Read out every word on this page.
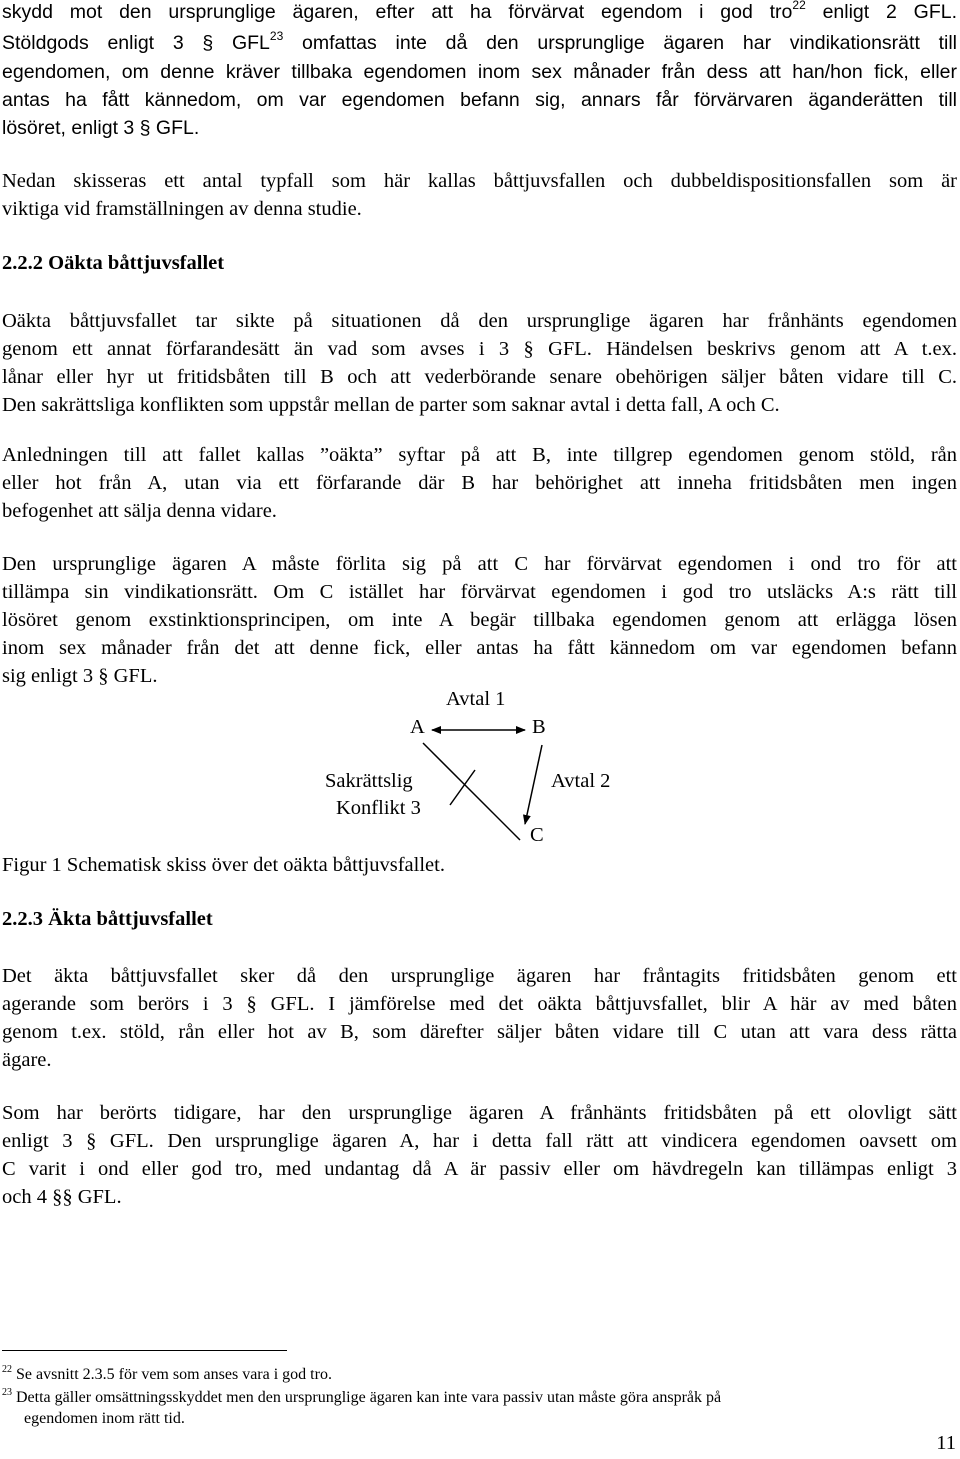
skydd mot den ursprunglige ägaren, efter att ha förvärvat egendom i god tro$^{22}$ enligt 2 GFL.
Stöldgods enligt 3 § GFL$^{23}$ omfattas inte då den ursprunglige ägaren har vindikationsrätt till
egendomen, om denne kräver tillbaka egendomen inom sex månader från dess att han/hon fick, eller
antas ha fått kännedom, om var egendomen befann sig, annars får förvärvaren äganderätten till
lösöret, enligt 3 § GFL.
Nedan skisseras ett antal typfall som här kallas båttjuvsfallen och dubbeldispositionsfallen som är
viktiga vid framställningen av denna studie.
2.2.2 Oäkta båttjuvsfallet
Oäkta båttjuvsfallet tar sikte på situationen då den ursprunglige ägaren har frånhänts egendomen
genom ett annat förfarandesätt än vad som avses i 3 § GFL. Händelsen beskrivs genom att A t.ex.
lånar eller hyr ut fritidsbåten till B och att vederbörande senare obehörigen säljer båten vidare till C.
Den sakrättsliga konflikten som uppstår mellan de parter som saknar avtal i detta fall, A och C.
Anledningen till att fallet kallas ”oäkta” syftar på att B, inte tillgrep egendomen genom stöld, rån
eller hot från A, utan via ett förfarande där B har behörighet att inneha fritidsbåten men ingen
befogenhet att sälja denna vidare.
Den ursprunglige ägaren A måste förlita sig på att C har förvärvat egendomen i ond tro för att
tillämpa sin vindikationsrätt. Om C istället har förvärvat egendomen i god tro utsläcks A:s rätt till
lösöret genom exstinktionsprincipen, om inte A begär tillbaka egendomen genom att erlägga lösen
inom sex månader från det att denne fick, eller antas ha fått kännedom om var egendomen befann
sig enligt 3 § GFL.
Avtal 1
A	B
Avtal 2
Sakrättslig
Konflikt 3
C
Figur 1 Schematisk skiss över det oäkta båttjuvsfallet.
2.2.3 Äkta båttjuvsfallet
Det äkta båttjuvsfallet sker då den ursprunglige ägaren har fråntagits fritidsbåten genom ett
agerande som berörs i 3 § GFL. I jämförelse med det oäkta båttjuvsfallet, blir A här av med båten
genom t.ex. stöld, rån eller hot av B, som därefter säljer båten vidare till C utan att vara dess rätta
ägare.
Som har berörts tidigare, har den ursprunglige ägaren A frånhänts fritidsbåten på ett olovligt sätt
enligt 3 § GFL. Den ursprunglige ägaren A, har i detta fall rätt att vindicera egendomen oavsett om
C varit i ond eller god tro, med undantag då A är passiv eller om hävdregeln kan tillämpas enligt 3
och 4 §§ GFL.
$^{22}$ Se avsnitt 2.3.5 för vem som anses vara i god tro.
$^{23}$ Detta gäller omsättningsskyddet men den ursprunglige ägaren kan inte vara passiv utan måste göra anspråk på
egendomen inom rätt tid.
11
